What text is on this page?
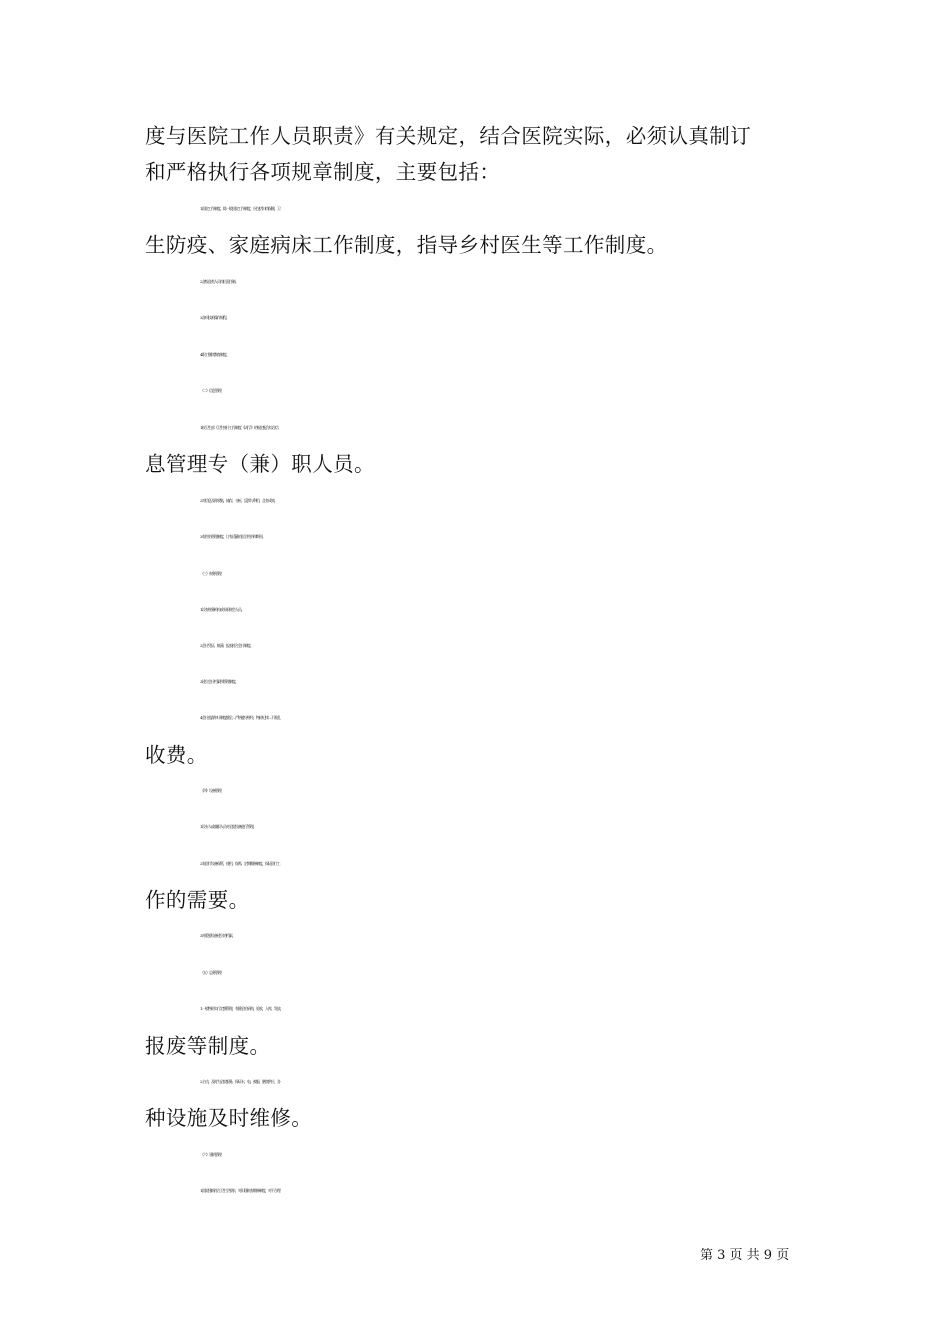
度与医院工作人员职责》有关规定，结合医院实际，必须认真制订
和严格执行各项规章制度，主要包括：
1.医院工作制度。除一般医院工作制度，应包括妇幼保健、卫
生防疫、家庭病床工作制度，指导乡村医生等工作制度。
2.各级各类人员岗位责任制。
3.各项技术操作规程。
4.职工继续教育制度。
（二）信息管理
1.按卫生部《卫生统计工作制度（试行）》的规定配合综合信
息管理专（兼）职人员。
2.对信息及时收集、储存、分析、反馈与利用，且有成效。
3.有图书管理制度，订有适量的医学图书和期刊。
（三）财务管理
1.设有财务机构或专职财会人员。
2.会计凭证、帐薄、报表符合会计制度。
3.建立会计档案和管理制度。
4.会计监督审计制度健全︿严格遵守财经、物价纪律︿不准乱
收费。
（四）设备管理
1.设专人或兼职人员对全院设备进行管理。
2.有医疗设备保管、使用、保养、定期维修制度，保证医疗工
作的需要。
3.对重要设备建立的档案。
（五）总务管理
1.一般物资实行定额管理，有健全的采购、验收、入库、发放、
报废等制度。
2.主动、及时为全院服务，保证水、电、被服、膳食供应，各
种设施及时维修。
（六）建筑管理
1.医院建筑符合卫生学要求，对旧建筑有维修制度，对不合理
第 3 页 共 9 页
